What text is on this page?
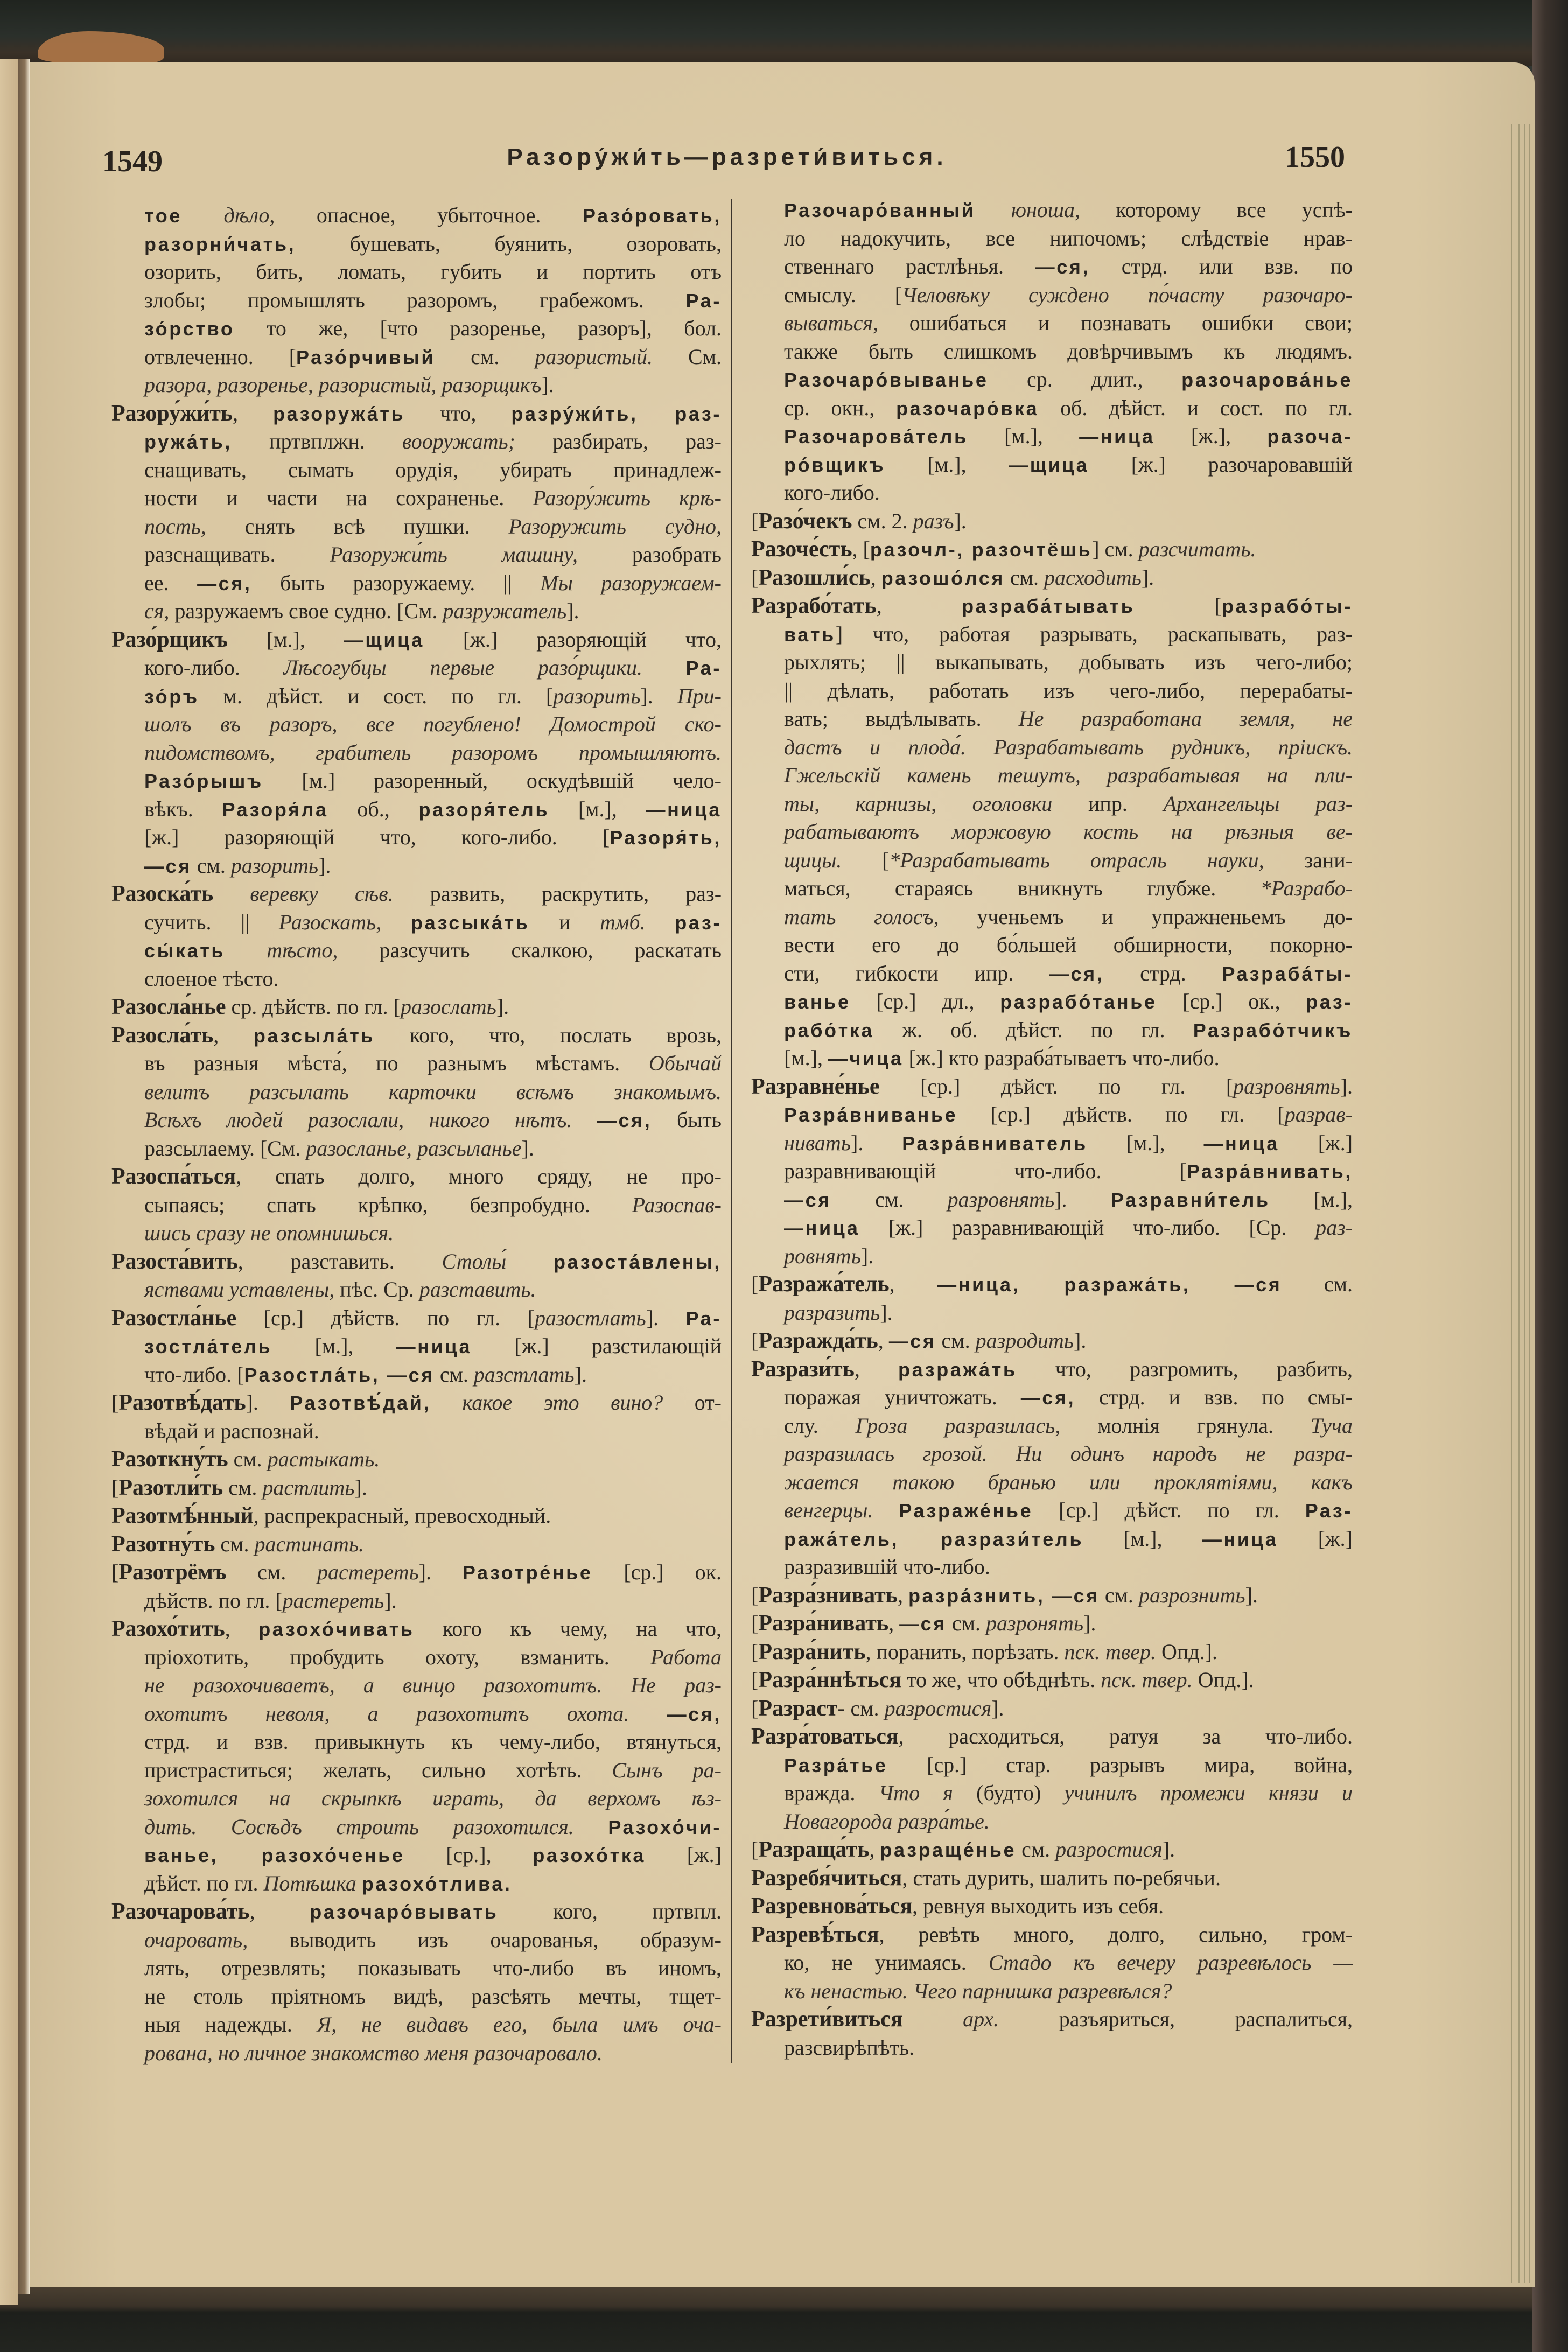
1549	Разору́жи́ть—разрети́виться.	1550
тое дѣло, опасное, убыточное. Разо́ровать,
разорни́чать, бушевать, буянить, озоровать,
озорить, бить, ломать, губить и портить отъ
злобы; промышлять разоромъ, грабежомъ. Ра-
зо́рство то же, [что разоренье, разоръ], бол.
отвлеченно. [Разо́рчивый см. разористый. См.
разора, разоренье, разористый, разорщикъ].
Разору́жи́ть, разоружа́ть что, разру́жи́ть, раз-
ружа́ть, пртвплжн. вооружать; разбирать, раз-
снащивать, сымать орудія, убирать принадлеж-
ности и части на сохраненье. Разору́жить крѣ-
пость, снять всѣ пушки. Разоружить судно,
разснащивать. Разоружи́ть машину, разобрать
ее. —ся, быть разоружаему. || Мы разоружаем-
ся, разружаемъ свое судно. [См. разружатель].
Разо́рщикъ [м.], —щица [ж.] разоряющій что,
кого-либо. Лѣсогубцы первые разо́рщики. Ра-
зо́ръ м. дѣйст. и сост. по гл. [разорить]. При-
шолъ въ разоръ, все погублено! Домострой ско-
пидомствомъ, грабитель разоромъ промышляютъ.
Разо́рышъ [м.] разоренный, оскудѣвшій чело-
вѣкъ. Разоря́ла об., разоря́тель [м.], —ница
[ж.] разоряющій что, кого-либо. [Разоря́ть,
—ся см. разорить].
Разоска́ть веревку сѣв. развить, раскрутить, раз-
сучить. || Разоскать, разсыка́ть и тмб. раз-
сы́кать тѣсто, разсучить скалкою, раскатать
слоеное тѣсто.
Разосла́нье ср. дѣйств. по гл. [разослать].
Разосла́ть, разсыла́ть кого, что, послать врозь,
въ разныя мѣста́, по разнымъ мѣстамъ. Обычай
велитъ разсылать карточки всѣмъ знакомымъ.
Всѣхъ людей разослали, никого нѣтъ. —ся, быть
разсылаему. [См. разосланье, разсыланье].
Разоспа́ться, спать долго, много сряду, не про-
сыпаясь; спать крѣпко, безпробудно. Разоспав-
шись сразу не опомнишься.
Разоста́вить, разставить. Столы́ разоста́влены,
яствами уставлены, пѣс. Ср. разставить.
Разостла́нье [ср.] дѣйств. по гл. [разостлать]. Ра-
зостла́тель [м.], —ница [ж.] разстилающій
что-либо. [Разостла́ть, —ся см. разстлать].
[Разотвѣ́дать]. Разотвѣ́дай, какое это вино? от-
вѣдай и распознай.
Разоткну́ть см. растыкать.
[Разотли́ть см. растлить].
Разотмѣ́нный, распрекрасный, превосходный.
Разотну́ть см. растинать.
[Разотрёмъ см. растереть]. Разотре́нье [ср.] ок.
дѣйств. по гл. [растереть].
Разохо́тить, разохо́чивать кого къ чему, на что,
пріохотить, пробудить охоту, взманить. Работа
не разохочиваетъ, а винцо разохотитъ. Не раз-
охотитъ неволя, а разохотитъ охота. —ся,
стрд. и взв. привыкнуть къ чему-либо, втянуться,
пристраститься; желать, сильно хотѣть. Сынъ ра-
зохотился на скрыпкѣ играть, да верхомъ ѣз-
дить. Сосѣдъ строить разохотился. Разохо́чи-
ванье, разохо́ченье [ср.], разохо́тка [ж.]
дѣйст. по гл. Потѣшка разохо́тлива.
Разочарова́ть, разочаро́вывать кого, пртвпл.
очаровать, выводить изъ очарованья, образум-
лять, отрезвлять; показывать что-либо въ иномъ,
не столь пріятномъ видѣ, разсѣять мечты, тщет-
ныя надежды. Я, не видавъ его, была имъ оча-
рована, но личное знакомство меня разочаровало.
Разочаро́ванный юноша, которому все успѣ-
ло надокучить, все нипочомъ; слѣдствіе нрав-
ственнаго растлѣнья. —ся, стрд. или взв. по
смыслу. [Человѣку суждено по́часту разочаро-
вываться, ошибаться и познавать ошибки свои;
также быть слишкомъ довѣрчивымъ къ людямъ.
Разочаро́выванье ср. длит., разочарова́нье
ср. окн., разочаро́вка об. дѣйст. и сост. по гл.
Разочарова́тель [м.], —ница [ж.], разоча-
ро́вщикъ [м.], —щица [ж.] разочаровавшій
кого-либо.
[Разо́чекъ см. 2. разъ].
Разоче́сть, [разочл-, разочтёшь] см. разсчитать.
[Разошли́сь, разошо́лся см. расходить].
Разрабо́тать, разраба́тывать [разрабо́ты-
вать] что, работая разрывать, раскапывать, раз-
рыхлять; || выкапывать, добывать изъ чего-либо;
|| дѣлать, работать изъ чего-либо, перерабаты-
вать; выдѣлывать. Не разработана земля, не
дастъ и плода́. Разрабатывать рудникъ, пріискъ.
Гжельскій камень тешутъ, разрабатывая на пли-
ты, карнизы, оголовки ипр. Архангельцы раз-
рабатываютъ моржовую кость на рѣзныя ве-
щицы. [*Разрабатывать отрасль науки, зани-
маться, стараясь вникнуть глубже. *Разрабо-
тать голосъ, ученьемъ и упражненьемъ до-
вести его до бо́льшей обширности, покорно-
сти, гибкости ипр. —ся, стрд. Разраба́ты-
ванье [ср.] дл., разрабо́танье [ср.] ок., раз-
рабо́тка ж. об. дѣйст. по гл. Разрабо́тчикъ
[м.], —чица [ж.] кто разраба́тываетъ что-либо.
Разравне́нье [ср.] дѣйст. по гл. [разровнять].
Разра́вниванье [ср.] дѣйств. по гл. [разрав-
нивать]. Разра́вниватель [м.], —ница [ж.]
разравнивающій что-либо. [Разра́внивать,
—ся см. разровнять]. Разравни́тель [м.],
—ница [ж.] разравнивающій что-либо. [Ср. раз-
ровнять].
[Разража́тель, —ница, разража́ть, —ся см.
разразить].
[Разражда́ть, —ся см. разродить].
Разрази́ть, разража́ть что, разгромить, разбить,
поражая уничтожать. —ся, стрд. и взв. по смы-
слу. Гроза разразилась, молнія грянула. Туча
разразилась грозой. Ни одинъ народъ не разра-
жается такою бранью или проклятіями, какъ
венгерцы. Разраже́нье [ср.] дѣйст. по гл. Раз-
ража́тель, разрази́тель [м.], —ница [ж.]
разразившій что-либо.
[Разра́знивать, разра́знить, —ся см. разрознить].
[Разра́нивать, —ся см. разронять].
[Разра́нить, поранить, порѣзать. пск. твер. Опд.].
[Разра́ннѣться то же, что обѣднѣть. пск. твер. Опд.].
[Разраст- см. разростися].
Разра́товаться, расходиться, ратуя за что-либо.
Разра́тье [ср.] стар. разрывъ мира, война,
вражда. Что я (будто) учинилъ промежи князи и
Новагорода разра́тье.
[Разраща́ть, разраще́нье см. разростися].
Разребя́читься, стать дурить, шалить по-ребячьи.
Разревнова́ться, ревнуя выходить изъ себя.
Разревѣ́ться, ревѣть много, долго, сильно, гром-
ко, не унимаясь. Стадо къ вечеру разревѣлось —
къ ненастью. Чего парнишка разревѣлся?
Разрети́виться	арх. разъяриться, распалиться,
разсвирѣпѣть.
